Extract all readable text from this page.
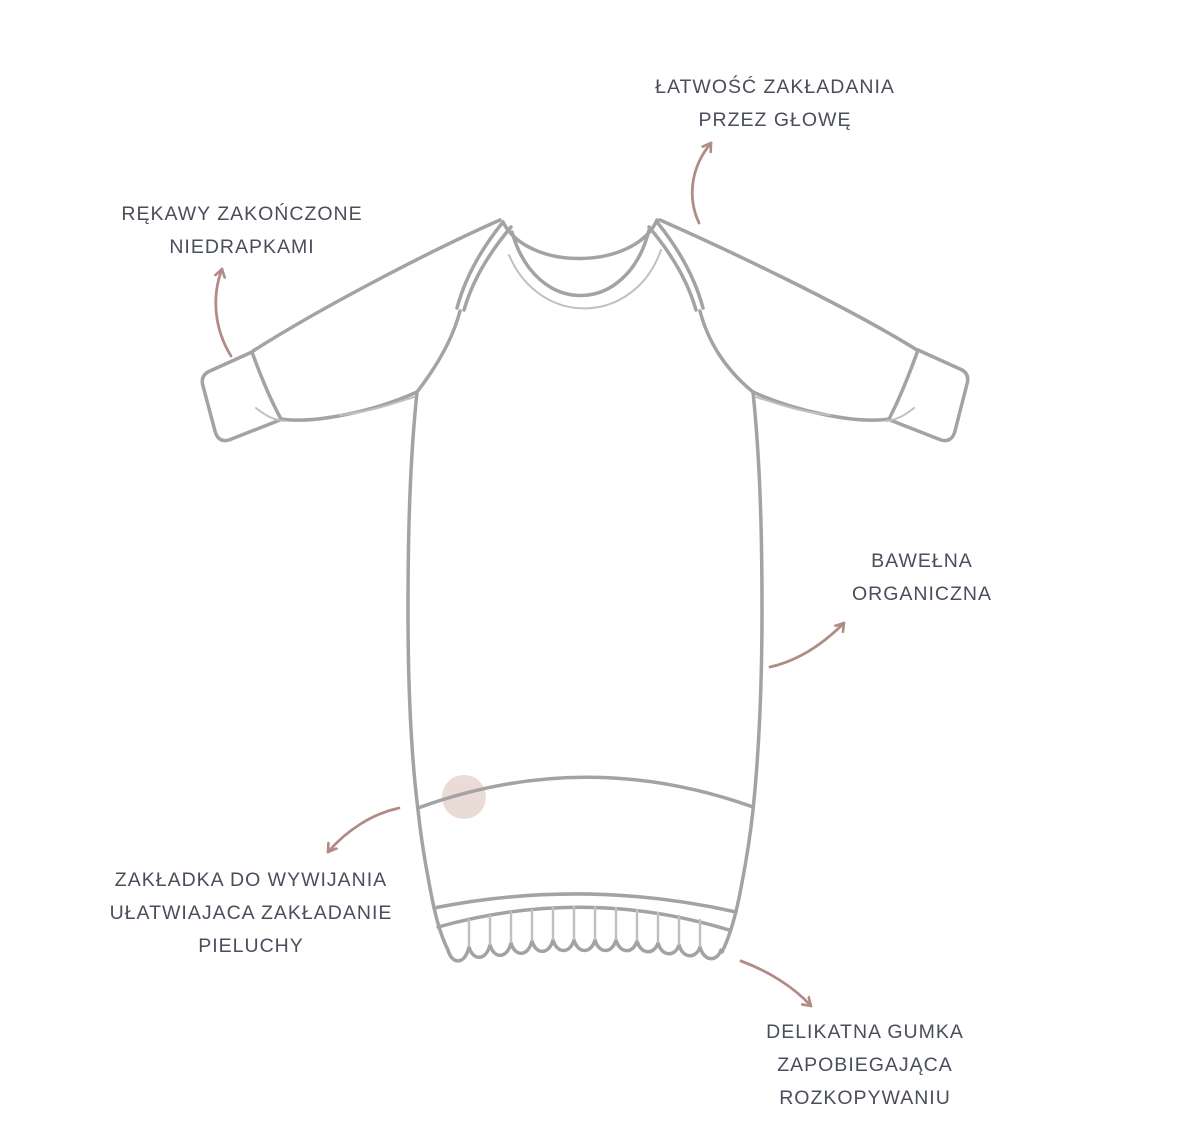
ŁATWOŚĆ ZAKŁADANIA
PRZEZ GŁOWĘ
RĘKAWY ZAKOŃCZONE
NIEDRAPKAMI
BAWEŁNA
ORGANICZNA
ZAKŁADKA DO WYWIJANIA
UŁATWIAJACA ZAKŁADANIE
PIELUCHY
DELIKATNA GUMKA
ZAPOBIEGAJĄCA
ROZKOPYWANIU
